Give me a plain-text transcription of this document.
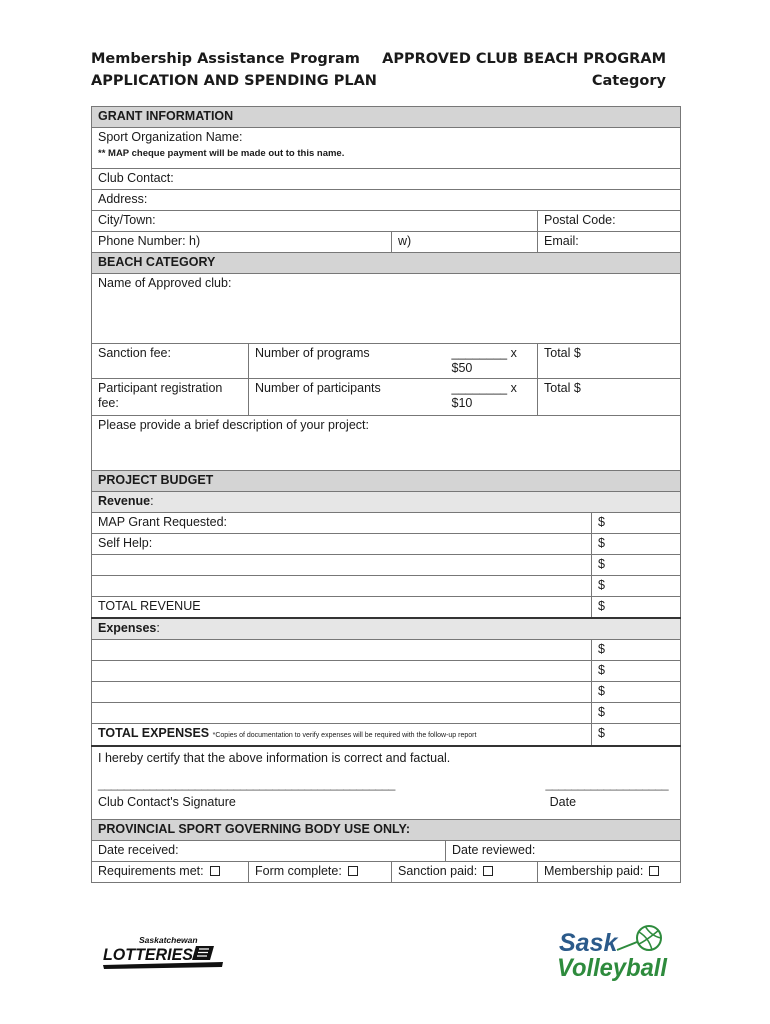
Membership Assistance Program
APPLICATION AND SPENDING PLAN
APPROVED CLUB BEACH PROGRAM
Category
GRANT INFORMATION					
Sport Organization Name:
** MAP cheque payment will be made out to this name.					

Club Contact:					
Address:					
City/Town:				Postal Code:	
Phone Number: h)		w)		Email:	
BEACH CATEGORY					
Name of Approved club:					
Sanction fee:	Number of programs		________ x $50	Total $	
Participant registration fee:	Number of participants		________ x $10	Total $	
Please provide a brief description of your project:					
PROJECT BUDGET					
Revenue:					
MAP Grant Requested:					$
Self Help:					$
					$
					$
TOTAL REVENUE					$
Expenses:					
					$
					$
					$
					$
TOTAL EXPENSES *Copies of documentation to verify expenses will be required with the follow-up report					$

I hereby certify that the above information is correct and factual.
______________________________________________ ___________________
Club Contact's Signature Date					

PROVINCIAL SPORT GOVERNING BODY USE ONLY:					
Date received:			Date reviewed:		
Requirements met:	Form complete:	Sanction paid:		Membership paid:	
Saskatchewan
LOTTERIES	Sask
Volleyball
